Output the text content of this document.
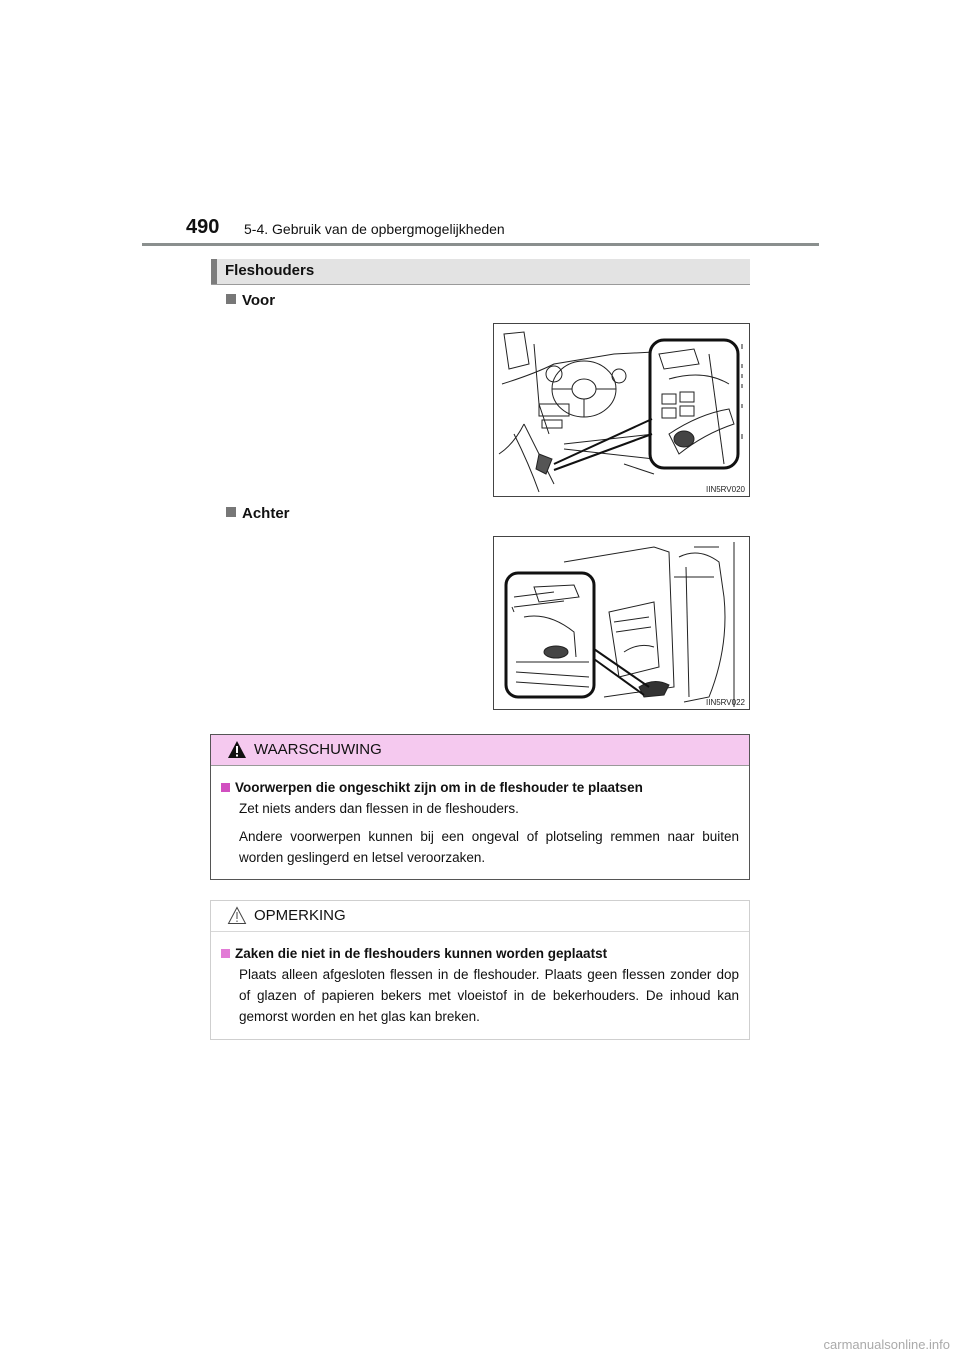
490 5-4. Gebruik van de opbergmogelijkheden
Fleshouders
Voor
IIN5RV020
Achter
IIN5RV022
WAARSCHUWING
Voorwerpen die ongeschikt zijn om in de fleshouder te plaatsen

Zet niets anders dan flessen in de fleshouders.

Andere voorwerpen kunnen bij een ongeval of plotseling remmen naar buiten worden geslingerd en letsel veroorzaken.

OPMERKING
Zaken die niet in de fleshouders kunnen worden geplaatst

Plaats alleen afgesloten flessen in de fleshouder. Plaats geen flessen zonder dop of glazen of papieren bekers met vloeistof in de bekerhouders. De inhoud kan gemorst worden en het glas kan breken.

carmanualsonline.info
